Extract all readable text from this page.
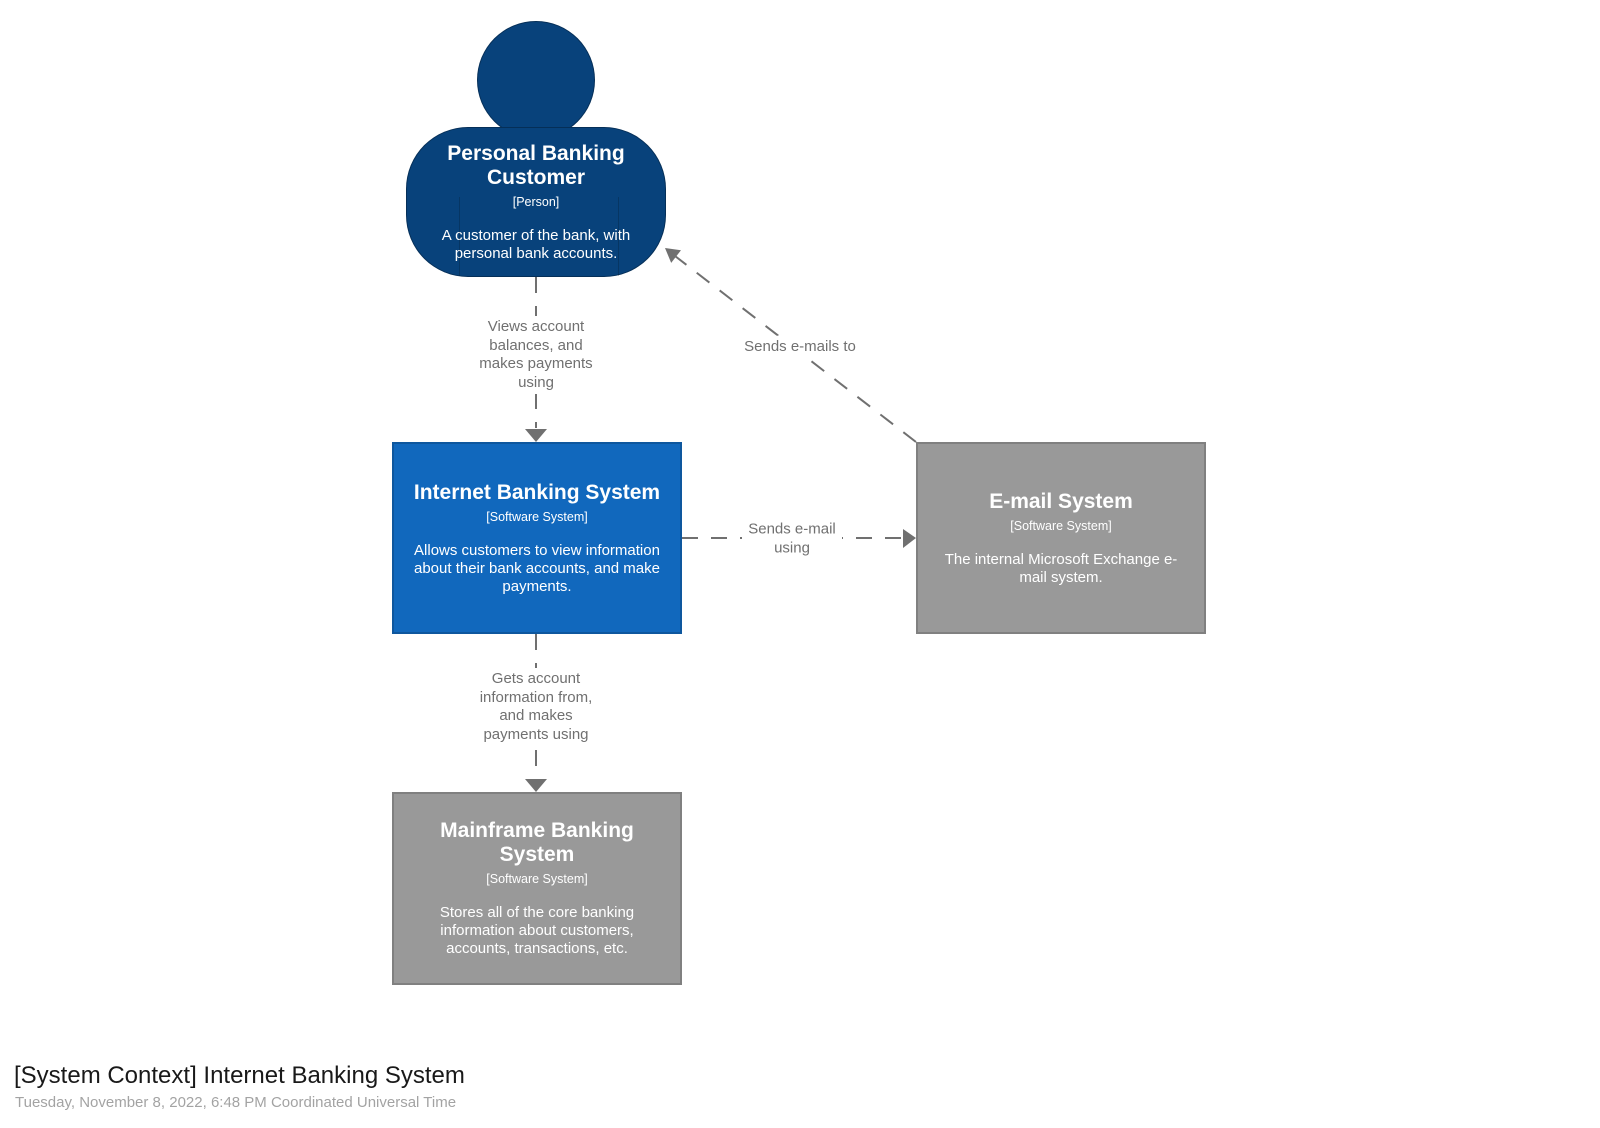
Personal Banking Customer
[Person]
A customer of the bank, with personal bank accounts.
Internet Banking System
[Software System]
Allows customers to view information about their bank accounts, and make payments.
E-mail System
[Software System]
The internal Microsoft Exchange e-mail system.
Mainframe Banking System
[Software System]
Stores all of the core banking information about customers, accounts, transactions, etc.
Views account balances, and makes payments using
Sends e-mail using
Sends e-mails to
Gets account information from, and makes payments using
[System Context] Internet Banking System
Tuesday, November 8, 2022, 6:48 PM Coordinated Universal Time
